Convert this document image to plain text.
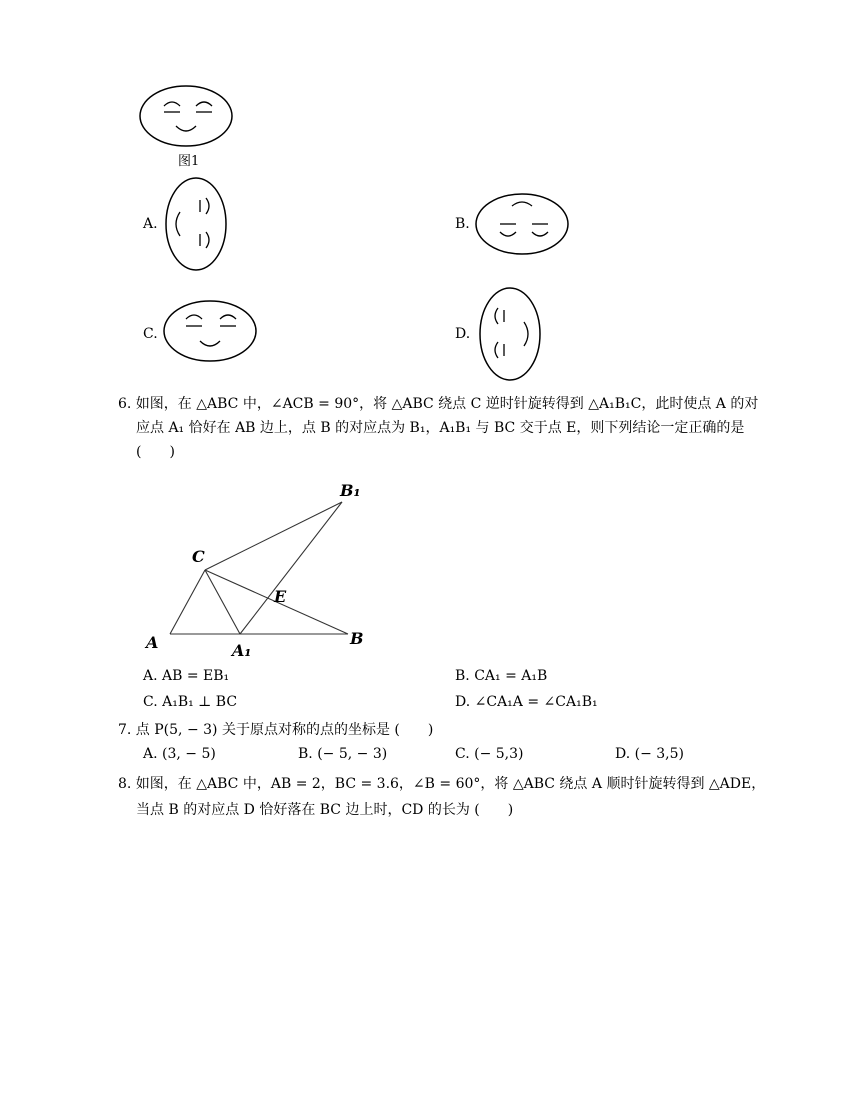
图1
A.	B.
C.	D.
6. 如图，在 △ABC 中，∠ACB = 90°，将 △ABC 绕点 C 逆时针旋转得到 △A₁B₁C，此时使点 A 的对
应点 A₁ 恰好在 AB 边上，点 B 的对应点为 B₁，A₁B₁ 与 BC 交于点 E，则下列结论一定正确的是
(　　)
B₁
C
E
A	A₁
B
A. AB = EB₁	B. CA₁ = A₁B
C. A₁B₁ ⊥ BC	D. ∠CA₁A = ∠CA₁B₁
7. 点 P(5, − 3) 关于原点对称的点的坐标是 (　　)
A. (3, − 5)	B. (− 5, − 3)	C. (− 5,3)	D. (− 3,5)
8. 如图，在 △ABC 中，AB = 2，BC = 3.6，∠B = 60°，将 △ABC 绕点 A 顺时针旋转得到 △ADE，
当点 B 的对应点 D 恰好落在 BC 边上时，CD 的长为 (　　)
